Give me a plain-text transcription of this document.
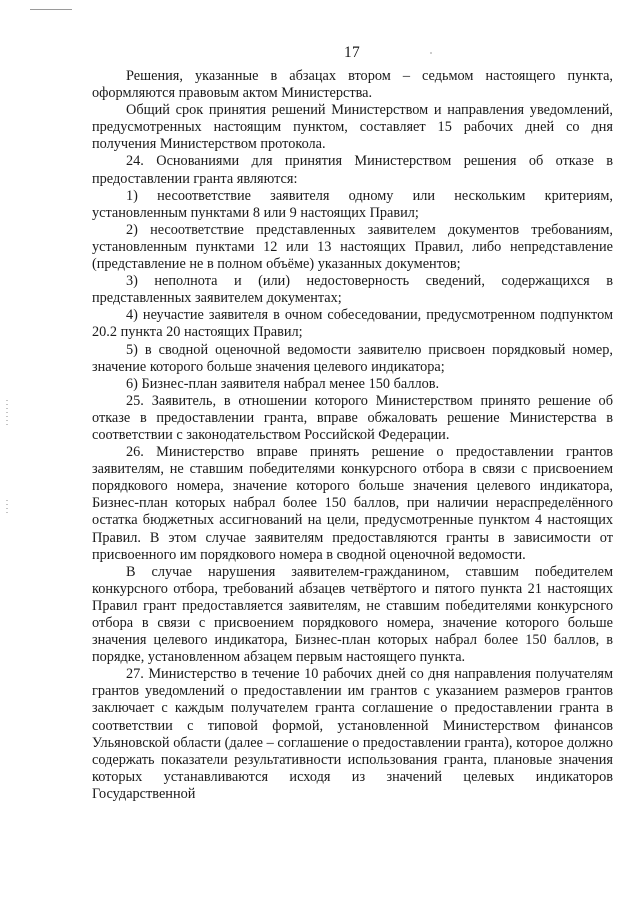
17

Решения, указанные в абзацах втором – седьмом настоящего пункта, оформляются правовым актом Министерства.

Общий срок принятия решений Министерством и направления уведомлений, предусмотренных настоящим пунктом, составляет 15 рабочих дней со дня получения Министерством протокола.

24. Основаниями для принятия Министерством решения об отказе в предоставлении гранта являются:

1) несоответствие заявителя одному или нескольким критериям, установленным пунктами 8 или 9 настоящих Правил;

2) несоответствие представленных заявителем документов требованиям, установленным пунктами 12 или 13 настоящих Правил, либо непредставление (представление не в полном объёме) указанных документов;

3) неполнота и (или) недостоверность сведений, содержащихся в представленных заявителем документах;

4) неучастие заявителя в очном собеседовании, предусмотренном подпунктом 20.2 пункта 20 настоящих Правил;

5) в сводной оценочной ведомости заявителю присвоен порядковый номер, значение которого больше значения целевого индикатора;

6) Бизнес-план заявителя набрал менее 150 баллов.

25. Заявитель, в отношении которого Министерством принято решение об отказе в предоставлении гранта, вправе обжаловать решение Министерства в соответствии с законодательством Российской Федерации.

26. Министерство вправе принять решение о предоставлении грантов заявителям, не ставшим победителями конкурсного отбора в связи с присвоением порядкового номера, значение которого больше значения целевого индикатора, Бизнес-план которых набрал более 150 баллов, при наличии нераспределённого остатка бюджетных ассигнований на цели, предусмотренные пунктом 4 настоящих Правил. В этом случае заявителям предоставляются гранты в зависимости от присвоенного им порядкового номера в сводной оценочной ведомости.

В случае нарушения заявителем-гражданином, ставшим победителем конкурсного отбора, требований абзацев четвёртого и пятого пункта 21 настоящих Правил грант предоставляется заявителям, не ставшим победителями конкурсного отбора в связи с присвоением порядкового номера, значение которого больше значения целевого индикатора, Бизнес-план которых набрал более 150 баллов, в порядке, установленном абзацем первым настоящего пункта.

27. Министерство в течение 10 рабочих дней со дня направления получателям грантов уведомлений о предоставлении им грантов с указанием размеров грантов заключает с каждым получателем гранта соглашение о предоставлении гранта в соответствии с типовой формой, установленной Министерством финансов Ульяновской области (далее – соглашение о предоставлении гранта), которое должно содержать показатели результативности использования гранта, плановые значения которых устанавливаются исходя из значений целевых индикаторов Государственной
